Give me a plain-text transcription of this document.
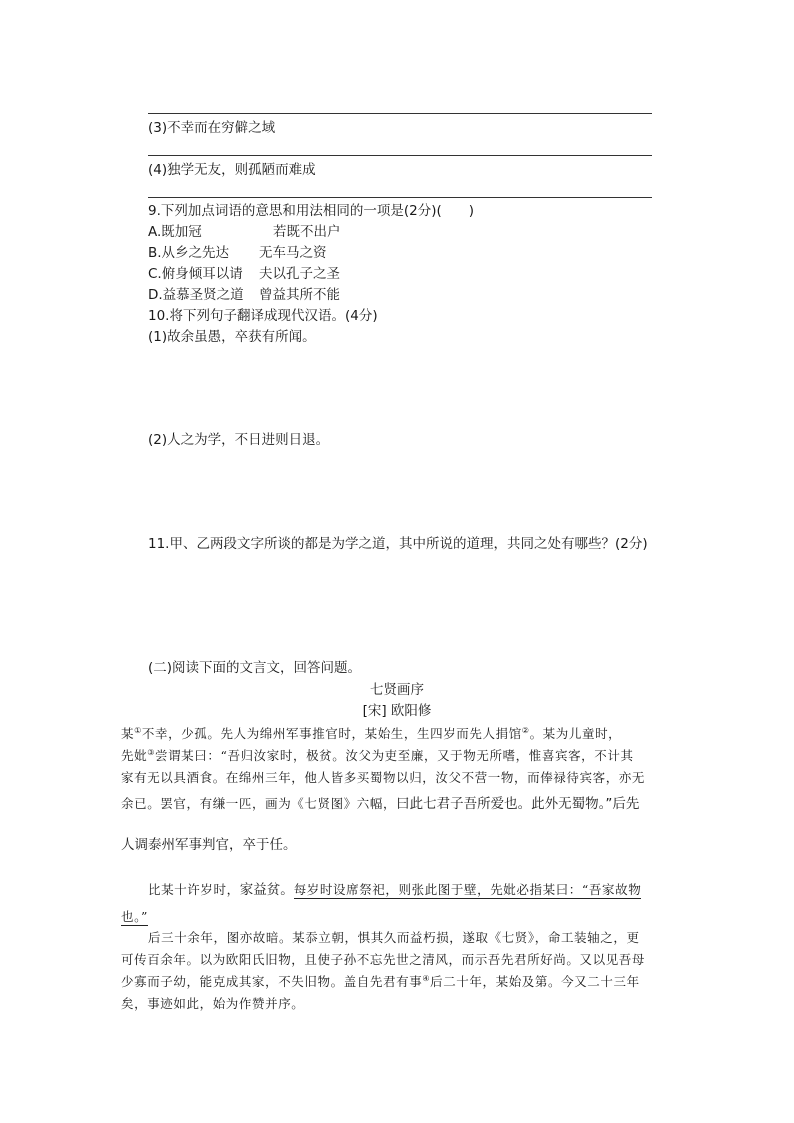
(3)不幸而在穷僻之域
(4)独学无友，则孤陋而难成
9.下列加点词语的意思和用法相同的一项是(2分)(　　)
A.既加冠	若既不出户
B.从乡之先达 无车马之资
C.俯身倾耳以请 夫以孔子之圣
D.益慕圣贤之道 曾益其所不能
10.将下列句子翻译成现代汉语。(4分)
(1)故余虽愚，卒获有所闻。
(2)人之为学，不日进则日退。
11.甲、乙两段文字所谈的都是为学之道，其中所说的道理，共同之处有哪些？(2分)
(二)阅读下面的文言文，回答问题。
七贤画序
[宋] 欧阳修
某①不幸，少孤。先人为绵州军事推官时，某始生，生四岁而先人捐馆②。某为儿童时，
先妣③尝谓某曰：“吾归汝家时，极贫。汝父为吏至廉，又于物无所嗜，惟喜宾客，不计其
家有无以具酒食。在绵州三年，他人皆多买蜀物以归，汝父不营一物，而俸禄待宾客，亦无
余已。罢官，有缣一匹，画为《七贤图》六幅，曰此七君子吾所爱也。此外无蜀物。”后先
人调泰州军事判官，卒于任。
比某十许岁时，家益贫。每岁时设席祭祀，则张此图于壁，先妣必指某曰：“吾家故物
也。”
后三十余年，图亦故暗。某忝立朝，惧其久而益朽损，遂取《七贤》，命工装轴之，更
可传百余年。以为欧阳氏旧物，且使子孙不忘先世之清风，而示吾先君所好尚。又以见吾母
少寡而子幼，能克成其家，不失旧物。盖自先君有事④后二十年，某始及第。今又二十三年
矣，事迹如此，始为作赞并序。
